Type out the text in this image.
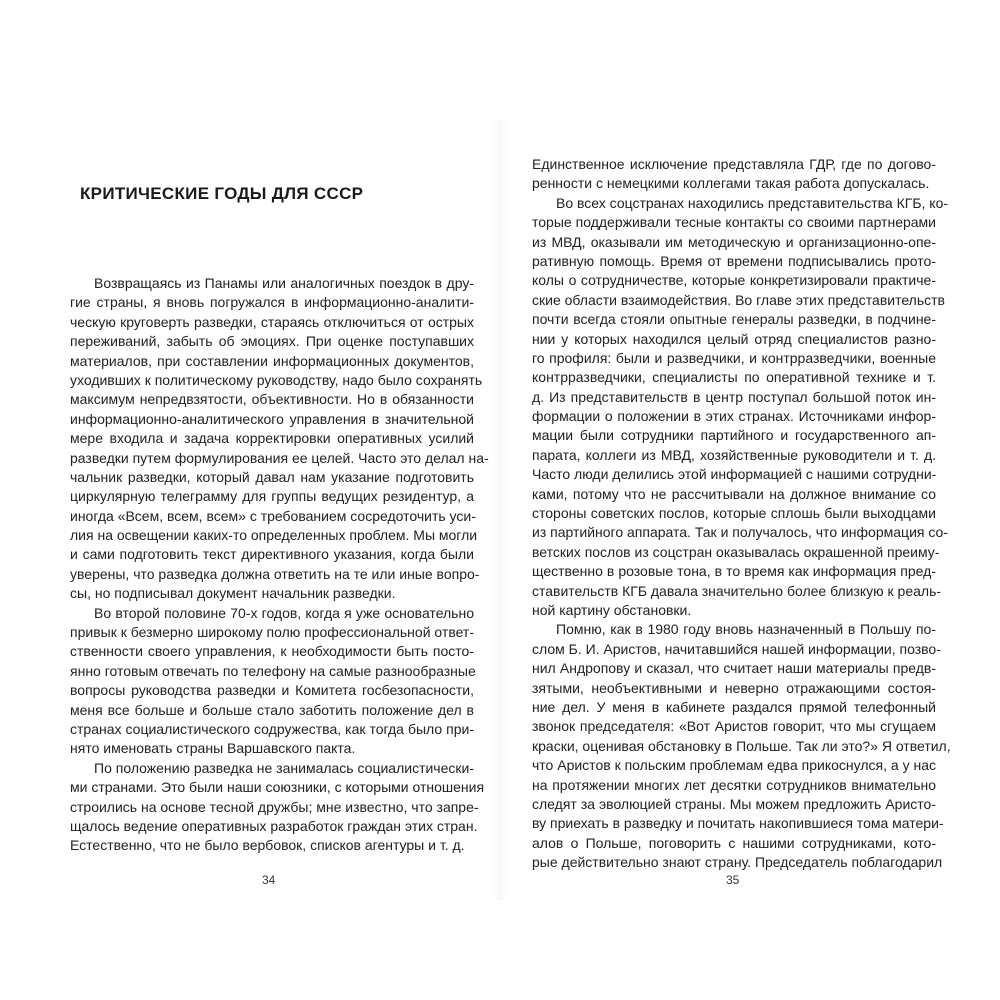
КРИТИЧЕСКИЕ ГОДЫ ДЛЯ СССР
Возвращаясь из Панамы или аналогичных поездок в дру-
гие страны, я вновь погружался в информационно-аналити-
ческую круговерть разведки, стараясь отключиться от острых
переживаний, забыть об эмоциях. При оценке поступавших
материалов, при составлении информационных документов,
уходивших к политическому руководству, надо было сохранять
максимум непредвзятости, объективности. Но в обязанности
информационно-аналитического управления в значительной
мере входила и задача корректировки оперативных усилий
разведки путем формулирования ее целей. Часто это делал на-
чальник разведки, который давал нам указание подготовить
циркулярную телеграмму для группы ведущих резидентур, а
иногда «Всем, всем, всем» с требованием сосредоточить уси-
лия на освещении каких-то определенных проблем. Мы могли
и сами подготовить текст директивного указания, когда были
уверены, что разведка должна ответить на те или иные вопро-
сы, но подписывал документ начальник разведки.
Во второй половине 70-х годов, когда я уже основательно
привык к безмерно широкому полю профессиональной ответ-
ственности своего управления, к необходимости быть посто-
янно готовым отвечать по телефону на самые разнообразные
вопросы руководства разведки и Комитета госбезопасности,
меня все больше и больше стало заботить положение дел в
странах социалистического содружества, как тогда было при-
нято именовать страны Варшавского пакта.
По положению разведка не занималась социалистически-
ми странами. Это были наши союзники, с которыми отношения
строились на основе тесной дружбы; мне известно, что запре-
щалось ведение оперативных разработок граждан этих стран.
Естественно, что не было вербовок, списков агентуры и т. д.
34
Единственное исключение представляла ГДР, где по догово-
ренности с немецкими коллегами такая работа допускалась.
Во всех соцстранах находились представительства КГБ, ко-
торые поддерживали тесные контакты со своими партнерами
из МВД, оказывали им методическую и организационно-опе-
ративную помощь. Время от времени подписывались прото-
колы о сотрудничестве, которые конкретизировали практиче-
ские области взаимодействия. Во главе этих представительств
почти всегда стояли опытные генералы разведки, в подчине-
нии у которых находился целый отряд специалистов разно-
го профиля: были и разведчики, и контрразведчики, военные
контрразведчики, специалисты по оперативной технике и т.
д. Из представительств в центр поступал большой поток ин-
формации о положении в этих странах. Источниками инфор-
мации были сотрудники партийного и государственного ап-
парата, коллеги из МВД, хозяйственные руководители и т. д.
Часто люди делились этой информацией с нашими сотрудни-
ками, потому что не рассчитывали на должное внимание со
стороны советских послов, которые сплошь были выходцами
из партийного аппарата. Так и получалось, что информация со-
ветских послов из соцстран оказывалась окрашенной преиму-
щественно в розовые тона, в то время как информация пред-
ставительств КГБ давала значительно более близкую к реаль-
ной картину обстановки.
Помню, как в 1980 году вновь назначенный в Польшу по-
слом Б. И. Аристов, начитавшийся нашей информации, позво-
нил Андропову и сказал, что считает наши материалы предв-
зятыми, необъективными и неверно отражающими состоя-
ние дел. У меня в кабинете раздался прямой телефонный
звонок председателя: «Вот Аристов говорит, что мы сгущаем
краски, оценивая обстановку в Польше. Так ли это?» Я ответил,
что Аристов к польским проблемам едва прикоснулся, а у нас
на протяжении многих лет десятки сотрудников внимательно
следят за эволюцией страны. Мы можем предложить Аристо-
ву приехать в разведку и почитать накопившиеся тома матери-
алов о Польше, поговорить с нашими сотрудниками, кото-
рые действительно знают страну. Председатель поблагодарил
35
